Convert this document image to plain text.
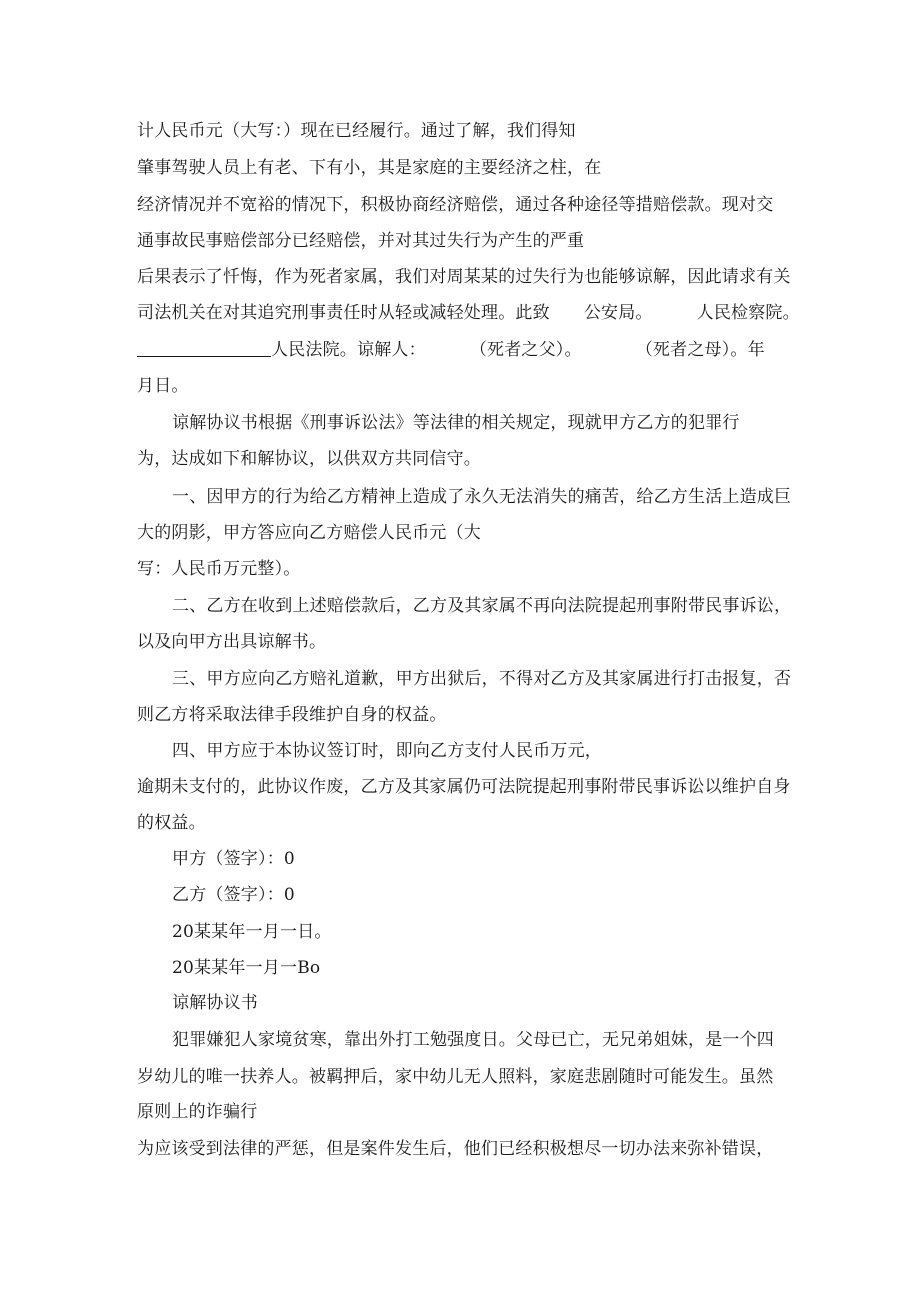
计人民币元（大写：）现在已经履行。通过了解，我们得知
肇事驾驶人员上有老、下有小，其是家庭的主要经济之柱，在
经济情况并不宽裕的情况下，积极协商经济赔偿，通过各种途径等措赔偿款。现对交
通事故民事赔偿部分已经赔偿，并对其过失行为产生的严重
后果表示了忏悔，作为死者家属，我们对周某某的过失行为也能够谅解，因此请求有关
司法机关在对其追究刑事责任时从轻或减轻处理。此致 公安局。	人民检察院。
人民法院。谅解人：	（死者之父）。	（死者之母）。年
月日。
谅解协议书根据《刑事诉讼法》等法律的相关规定，现就甲方乙方的犯罪行
为，达成如下和解协议，以供双方共同信守。
一、因甲方的行为给乙方精神上造成了永久无法消失的痛苦，给乙方生活上造成巨
大的阴影，甲方答应向乙方赔偿人民币元（大
写：人民币万元整）。
二、乙方在收到上述赔偿款后，乙方及其家属不再向法院提起刑事附带民事诉讼，
以及向甲方出具谅解书。
三、甲方应向乙方赔礼道歉，甲方出狱后，不得对乙方及其家属进行打击报复，否
则乙方将采取法律手段维护自身的权益。
四、甲方应于本协议签订时，即向乙方支付人民币万元，
逾期未支付的，此协议作废，乙方及其家属仍可法院提起刑事附带民事诉讼以维护自身
的权益。
甲方（签字）：0
乙方（签字）：0
20某某年一月一日。
20某某年一月一Bo
谅解协议书
犯罪嫌犯人家境贫寒，靠出外打工勉强度日。父母已亡，无兄弟姐妹，是一个四
岁幼儿的唯一扶养人。被羁押后，家中幼儿无人照料，家庭悲剧随时可能发生。虽然
原则上的诈骗行
为应该受到法律的严惩，但是案件发生后，他们已经积极想尽一切办法来弥补错误，
